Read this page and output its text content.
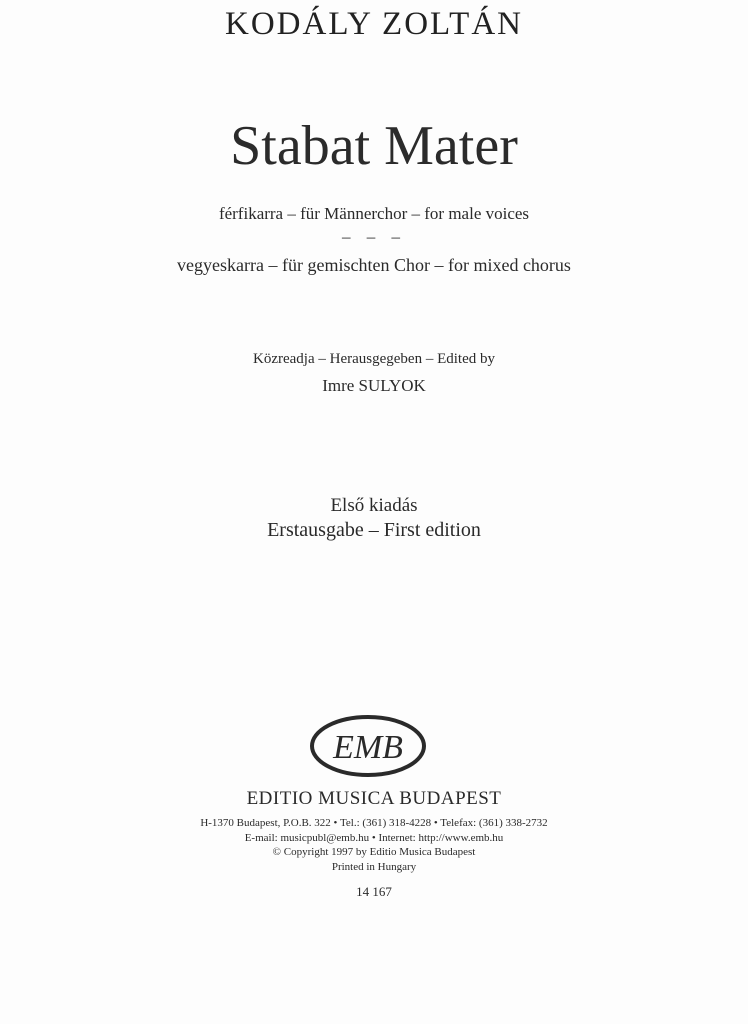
KODÁLY ZOLTÁN
Stabat Mater
férfikarra – für Männerchor – for male voices
– – –
vegyeskarra – für gemischten Chor – for mixed chorus
Közreadja – Herausgegeben – Edited by
Imre SULYOK
Első kiadás
Erstausgabe – First edition
EMB
EDITIO MUSICA BUDAPEST
H-1370 Budapest, P.O.B. 322 • Tel.: (361) 318-4228 • Telefax: (361) 338-2732
E-mail: musicpubl@emb.hu • Internet: http://www.emb.hu
© Copyright 1997 by Editio Musica Budapest
Printed in Hungary
14 167
